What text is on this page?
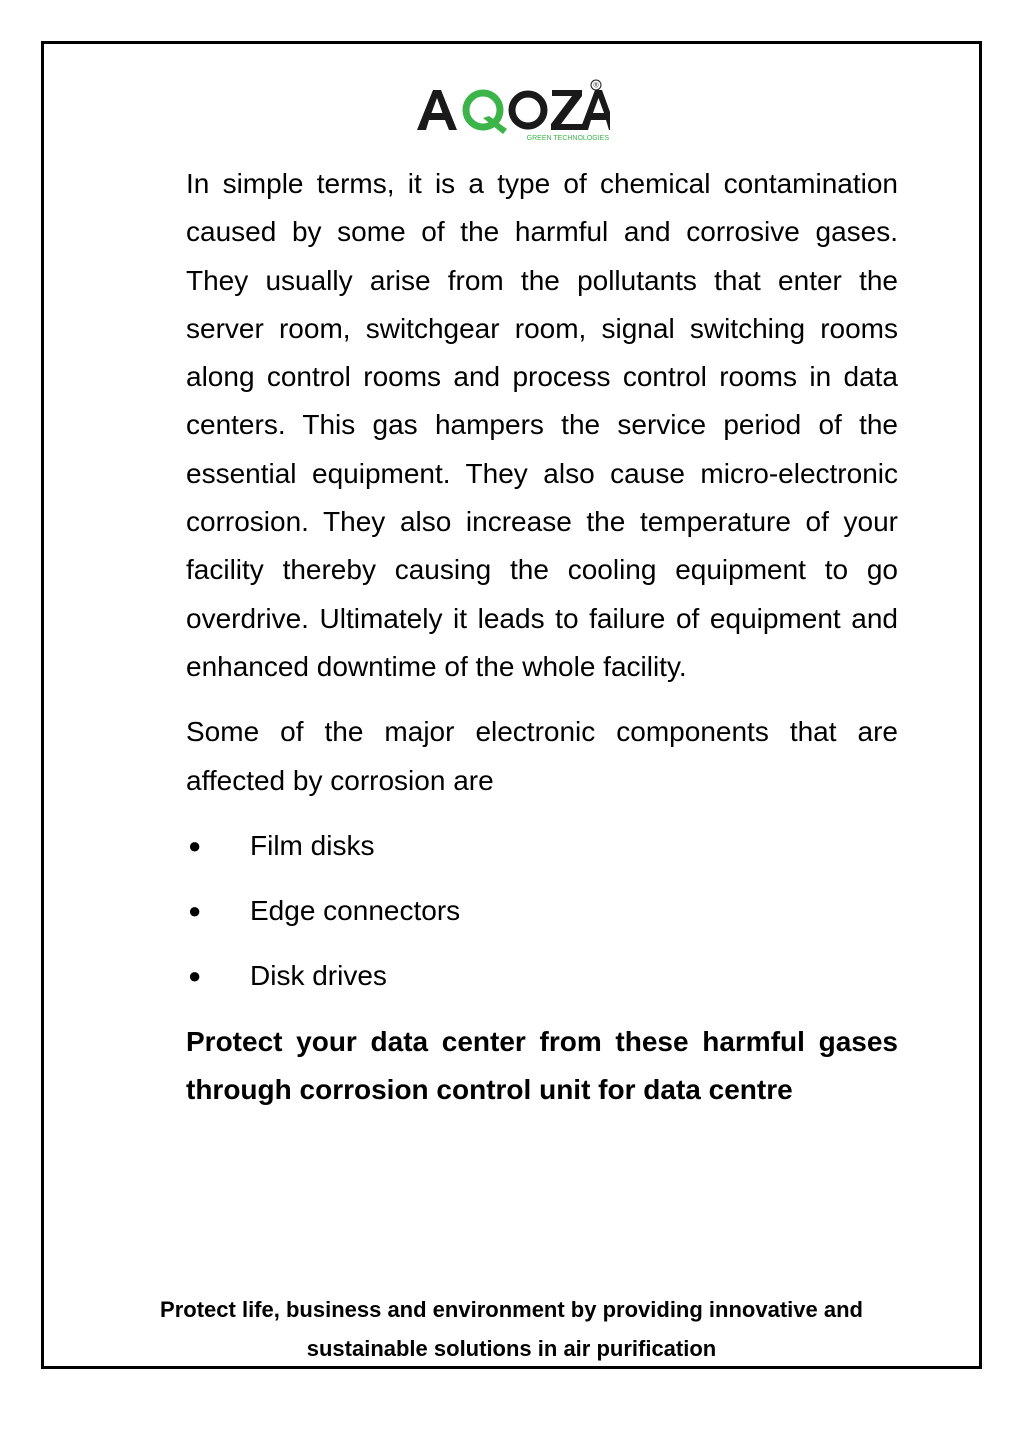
®
GREEN TECHNOLOGIES

In simple terms, it is a type of chemical contamination caused by some of the harmful and corrosive gases. They usually arise from the pollutants that enter the server room, switchgear room, signal switching rooms along control rooms and process control rooms in data centers. This gas hampers the service period of the essential equipment. They also cause micro-electronic corrosion. They also increase the temperature of your facility thereby causing the cooling equipment to go overdrive. Ultimately it leads to failure of equipment and enhanced downtime of the whole facility.

Some of the major electronic components that are affected by corrosion are

●	Film disks
●	Edge connectors
●	Disk drives

Protect your data center from these harmful gases through corrosion control unit for data centre

Protect life, business and environment by providing innovative and
sustainable solutions in air purification
